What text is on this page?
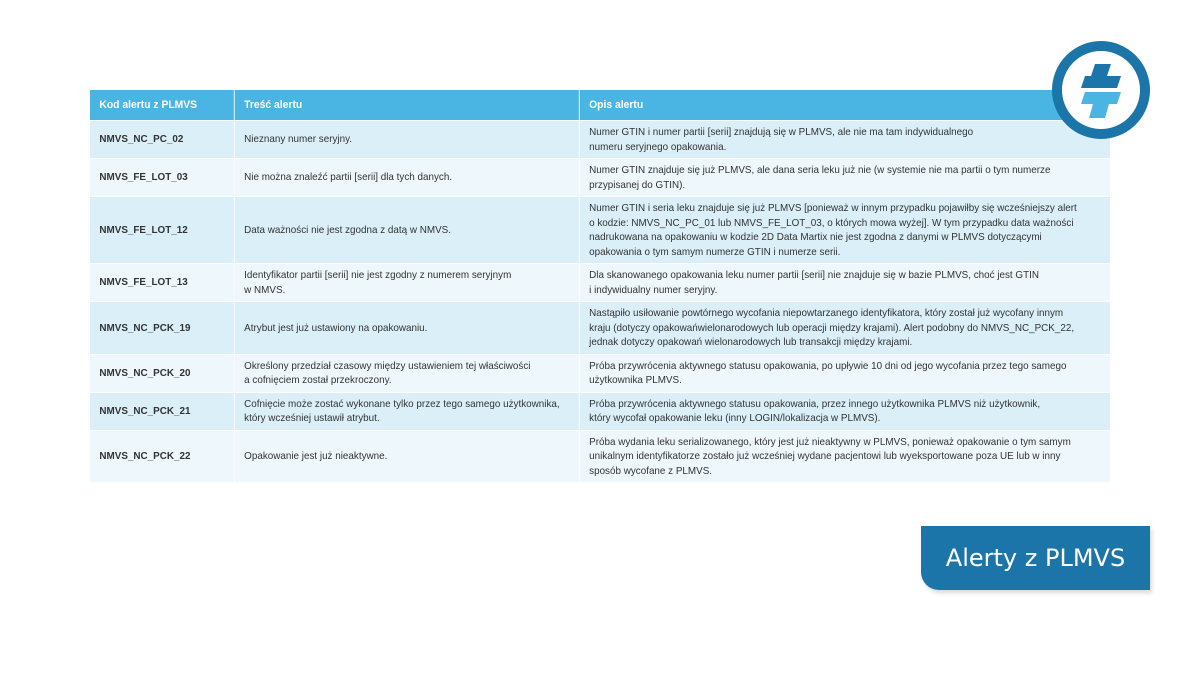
Kod alertu z PLMVS	Treść alertu	Opis alertu
NMVS_NC_PC_02	Nieznany numer seryjny.	Numer GTIN i numer partii [serii] znajdują się w PLMVS, ale nie ma tam indywidualnego
numeru seryjnego opakowania.
NMVS_FE_LOT_03	Nie można znaleźć partii [serii] dla tych danych.	Numer GTIN znajduje się już PLMVS, ale dana seria leku już nie (w systemie nie ma partii o tym numerze
przypisanej do GTIN).
NMVS_FE_LOT_12	Data ważności nie jest zgodna z datą w NMVS.	Numer GTIN i seria leku znajduje się już PLMVS [ponieważ w innym przypadku pojawiłby się wcześniejszy alert
o kodzie: NMVS_NC_PC_01 lub NMVS_FE_LOT_03, o których mowa wyżej]. W tym przypadku data ważności
nadrukowana na opakowaniu w kodzie 2D Data Martix nie jest zgodna z danymi w PLMVS dotyczącymi
opakowania o tym samym numerze GTIN i numerze serii.
NMVS_FE_LOT_13	Identyfikator partii [serii] nie jest zgodny z numerem seryjnym
w NMVS.	Dla skanowanego opakowania leku numer partii [serii] nie znajduje się w bazie PLMVS, choć jest GTIN
i indywidualny numer seryjny.
NMVS_NC_PCK_19	Atrybut jest już ustawiony na opakowaniu.	Nastąpiło usiłowanie powtórnego wycofania niepowtarzanego identyfikatora, który został już wycofany innym
kraju (dotyczy opakowańwielonarodowych lub operacji między krajami). Alert podobny do NMVS_NC_PCK_22,
jednak dotyczy opakowań wielonarodowych lub transakcji między krajami.
NMVS_NC_PCK_20	Określony przedział czasowy między ustawieniem tej właściwości
a cofnięciem został przekroczony.	Próba przywrócenia aktywnego statusu opakowania, po upływie 10 dni od jego wycofania przez tego samego
użytkownika PLMVS.
NMVS_NC_PCK_21	Cofnięcie może zostać wykonane tylko przez tego samego użytkownika,
który wcześniej ustawił atrybut.	Próba przywrócenia aktywnego statusu opakowania, przez innego użytkownika PLMVS niż użytkownik,
który wycofał opakowanie leku (inny LOGIN/lokalizacja w PLMVS).
NMVS_NC_PCK_22	Opakowanie jest już nieaktywne.	Próba wydania leku serializowanego, który jest już nieaktywny w PLMVS, ponieważ opakowanie o tym samym
unikalnym identyfikatorze zostało już wcześniej wydane pacjentowi lub wyeksportowane poza UE lub w inny
sposób wycofane z PLMVS.
Alerty z PLMVS
